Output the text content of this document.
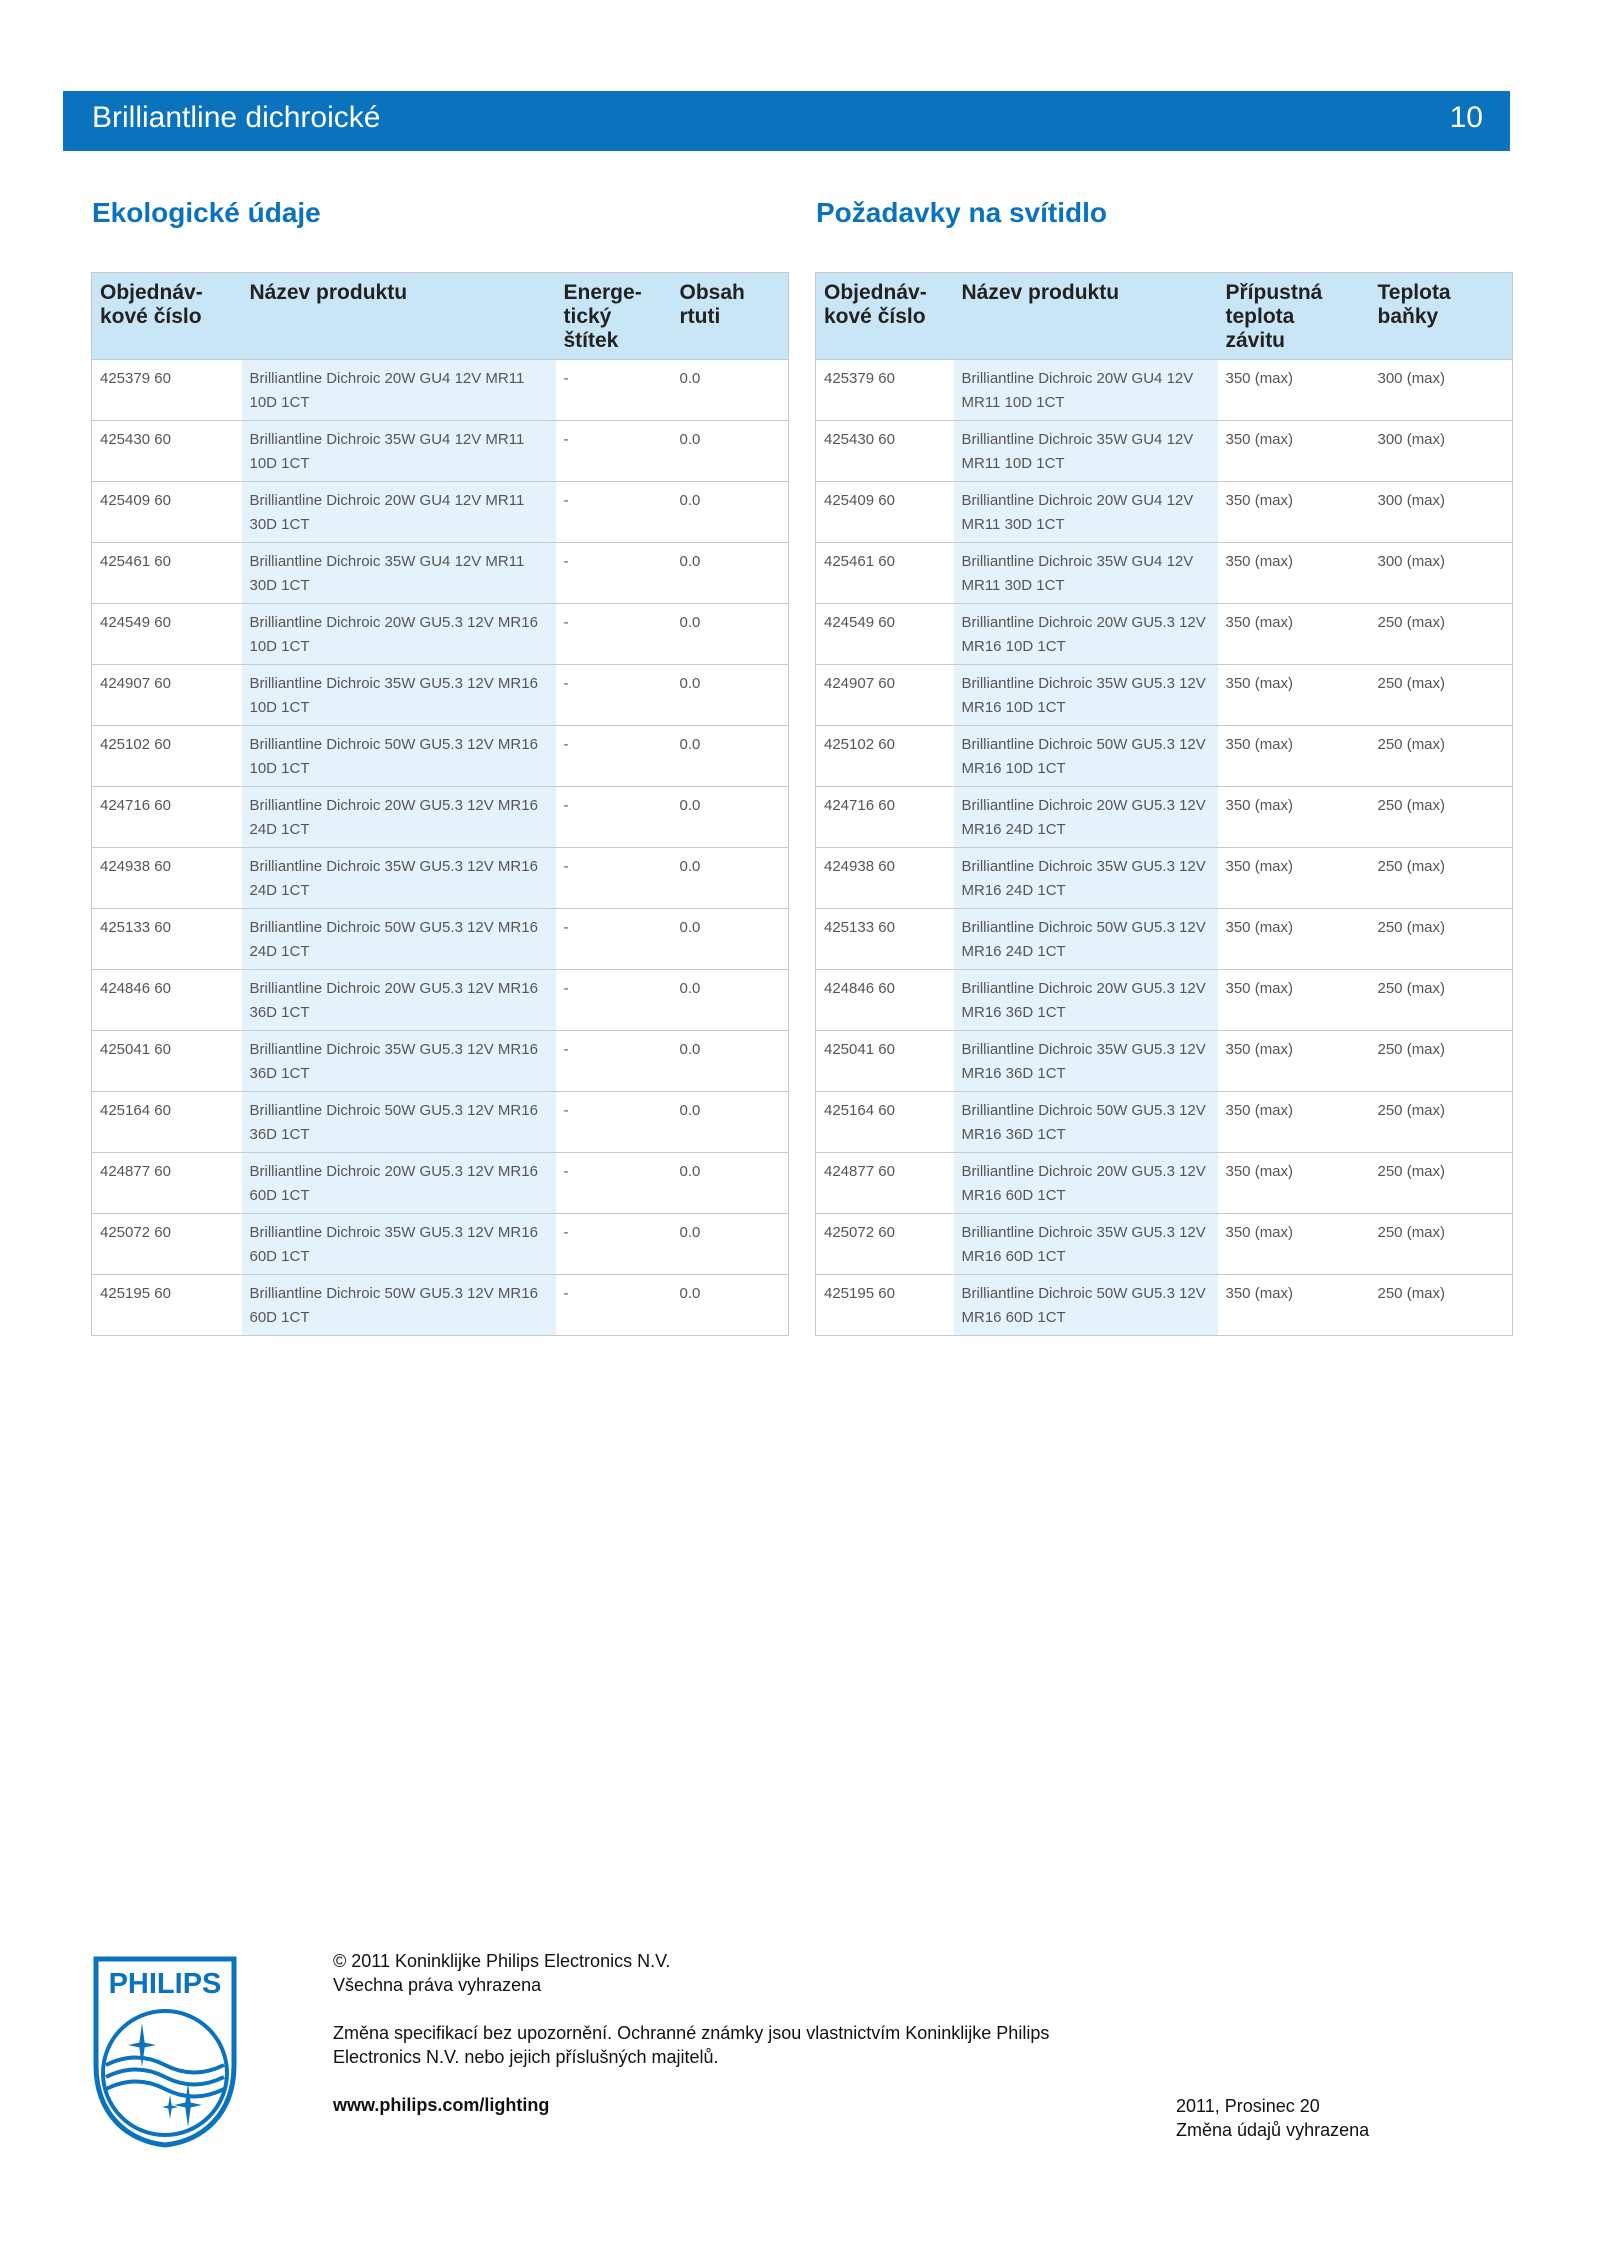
Brilliantline dichroické	10
Ekologické údaje	Požadavky na svítidlo
Objednáv-
kové číslo	Název produktu	Energe-
tický
štítek	Obsah
rtuti
425379 60	Brilliantline Dichroic 20W GU4 12V MR11 10D 1CT	-	0.0
425430 60	Brilliantline Dichroic 35W GU4 12V MR11 10D 1CT	-	0.0
425409 60	Brilliantline Dichroic 20W GU4 12V MR11 30D 1CT	-	0.0
425461 60	Brilliantline Dichroic 35W GU4 12V MR11 30D 1CT	-	0.0
424549 60	Brilliantline Dichroic 20W GU5.3 12V MR16 10D 1CT	-	0.0
424907 60	Brilliantline Dichroic 35W GU5.3 12V MR16 10D 1CT	-	0.0
425102 60	Brilliantline Dichroic 50W GU5.3 12V MR16 10D 1CT	-	0.0
424716 60	Brilliantline Dichroic 20W GU5.3 12V MR16 24D 1CT	-	0.0
424938 60	Brilliantline Dichroic 35W GU5.3 12V MR16 24D 1CT	-	0.0
425133 60	Brilliantline Dichroic 50W GU5.3 12V MR16 24D 1CT	-	0.0
424846 60	Brilliantline Dichroic 20W GU5.3 12V MR16 36D 1CT	-	0.0
425041 60	Brilliantline Dichroic 35W GU5.3 12V MR16 36D 1CT	-	0.0
425164 60	Brilliantline Dichroic 50W GU5.3 12V MR16 36D 1CT	-	0.0
424877 60	Brilliantline Dichroic 20W GU5.3 12V MR16 60D 1CT	-	0.0
425072 60	Brilliantline Dichroic 35W GU5.3 12V MR16 60D 1CT	-	0.0
425195 60	Brilliantline Dichroic 50W GU5.3 12V MR16 60D 1CT	-	0.0
Objednáv-
kové číslo	Název produktu	Přípustná
teplota
závitu	Teplota
baňky
425379 60	Brilliantline Dichroic 20W GU4 12V MR11 10D 1CT	350 (max)	300 (max)
425430 60	Brilliantline Dichroic 35W GU4 12V MR11 10D 1CT	350 (max)	300 (max)
425409 60	Brilliantline Dichroic 20W GU4 12V MR11 30D 1CT	350 (max)	300 (max)
425461 60	Brilliantline Dichroic 35W GU4 12V MR11 30D 1CT	350 (max)	300 (max)
424549 60	Brilliantline Dichroic 20W GU5.3 12V MR16 10D 1CT	350 (max)	250 (max)
424907 60	Brilliantline Dichroic 35W GU5.3 12V MR16 10D 1CT	350 (max)	250 (max)
425102 60	Brilliantline Dichroic 50W GU5.3 12V MR16 10D 1CT	350 (max)	250 (max)
424716 60	Brilliantline Dichroic 20W GU5.3 12V MR16 24D 1CT	350 (max)	250 (max)
424938 60	Brilliantline Dichroic 35W GU5.3 12V MR16 24D 1CT	350 (max)	250 (max)
425133 60	Brilliantline Dichroic 50W GU5.3 12V MR16 24D 1CT	350 (max)	250 (max)
424846 60	Brilliantline Dichroic 20W GU5.3 12V MR16 36D 1CT	350 (max)	250 (max)
425041 60	Brilliantline Dichroic 35W GU5.3 12V MR16 36D 1CT	350 (max)	250 (max)
425164 60	Brilliantline Dichroic 50W GU5.3 12V MR16 36D 1CT	350 (max)	250 (max)
424877 60	Brilliantline Dichroic 20W GU5.3 12V MR16 60D 1CT	350 (max)	250 (max)
425072 60	Brilliantline Dichroic 35W GU5.3 12V MR16 60D 1CT	350 (max)	250 (max)
425195 60	Brilliantline Dichroic 50W GU5.3 12V MR16 60D 1CT	350 (max)	250 (max)
PHILIPS
© 2011 Koninklijke Philips Electronics N.V.
Všechna práva vyhrazena
Změna specifikací bez upozornění. Ochranné známky jsou vlastnictvím Koninklijke Philips
Electronics N.V. nebo jejich příslušných majitelů.
www.philips.com/lighting	2011, Prosinec 20
Změna údajů vyhrazena
